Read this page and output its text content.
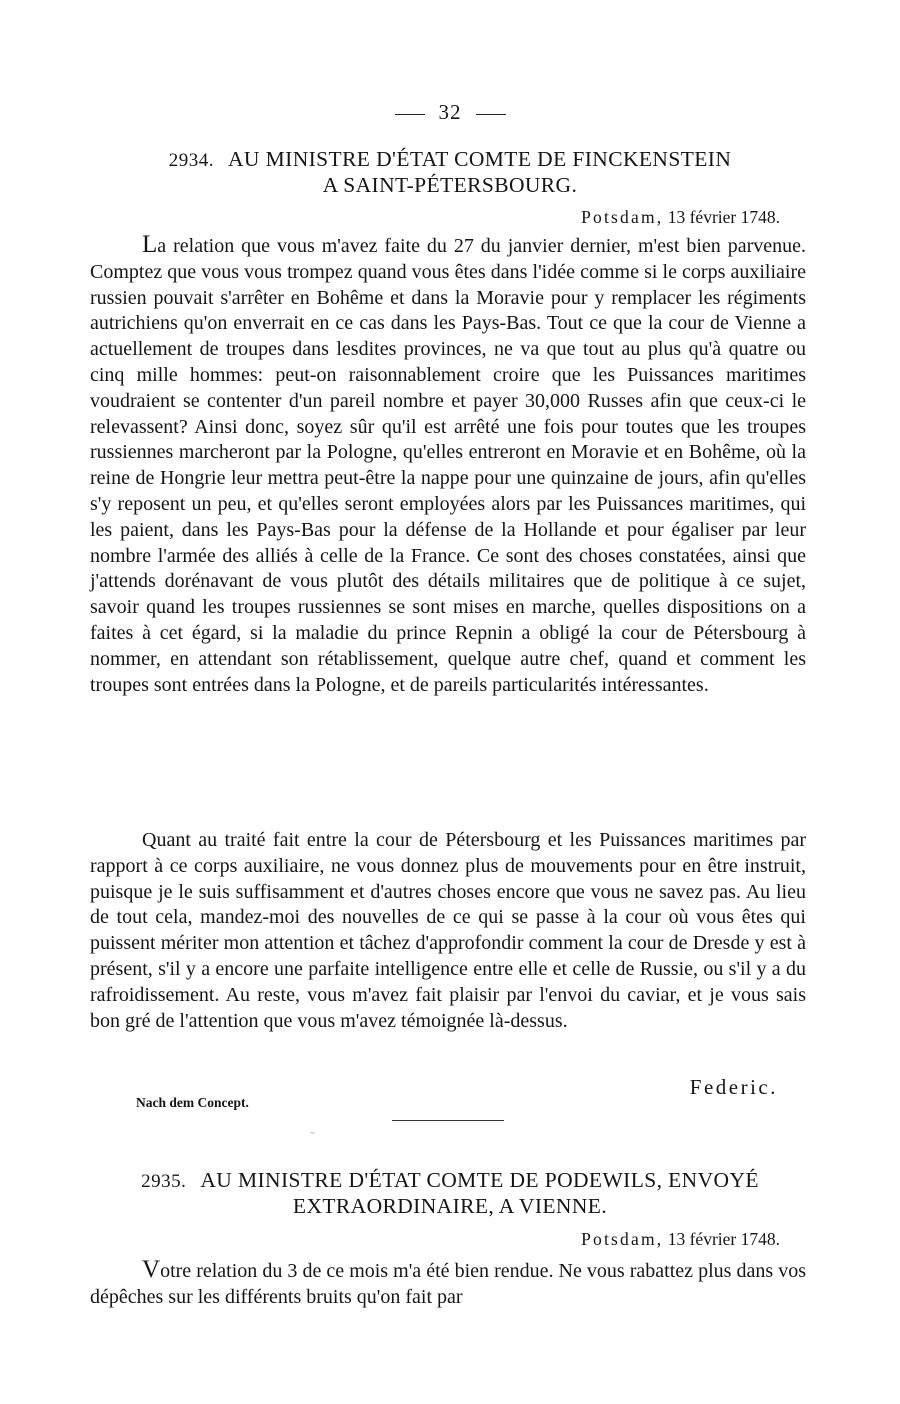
32
2934. AU MINISTRE D'ÉTAT COMTE DE FINCKENSTEIN
A SAINT-PÉTERSBOURG.
Potsdam, 13 février 1748.

La relation que vous m'avez faite du 27 du janvier dernier, m'est bien parvenue. Comptez que vous vous trompez quand vous êtes dans l'idée comme si le corps auxiliaire russien pouvait s'arrêter en Bohême et dans la Moravie pour y remplacer les régiments autrichiens qu'on enverrait en ce cas dans les Pays-Bas. Tout ce que la cour de Vienne a actuellement de troupes dans lesdites provinces, ne va que tout au plus qu'à quatre ou cinq mille hommes: peut-on raisonnablement croire que les Puissances maritimes voudraient se contenter d'un pareil nombre et payer 30,000 Russes afin que ceux-ci le relevassent? Ainsi donc, soyez sûr qu'il est arrêté une fois pour toutes que les troupes russiennes marcheront par la Pologne, qu'elles entreront en Moravie et en Bohême, où la reine de Hongrie leur mettra peut-être la nappe pour une quinzaine de jours, afin qu'elles s'y reposent un peu, et qu'elles seront employées alors par les Puissances maritimes, qui les paient, dans les Pays-Bas pour la défense de la Hollande et pour égaliser par leur nombre l'armée des alliés à celle de la France. Ce sont des choses constatées, ainsi que j'attends dorénavant de vous plutôt des détails militaires que de politique à ce sujet, savoir quand les troupes russiennes se sont mises en marche, quelles dispositions on a faites à cet égard, si la maladie du prince Repnin a obligé la cour de Pétersbourg à nommer, en attendant son rétablissement, quelque autre chef, quand et comment les troupes sont entrées dans la Pologne, et de pareils particularités intéressantes.

Quant au traité fait entre la cour de Pétersbourg et les Puissances maritimes par rapport à ce corps auxiliaire, ne vous donnez plus de mouvements pour en être instruit, puisque je le suis suffisamment et d'autres choses encore que vous ne savez pas. Au lieu de tout cela, mandez-moi des nouvelles de ce qui se passe à la cour où vous êtes qui puissent mériter mon attention et tâchez d'approfondir comment la cour de Dresde y est à présent, s'il y a encore une parfaite intelligence entre elle et celle de Russie, ou s'il y a du rafroidissement. Au reste, vous m'avez fait plaisir par l'envoi du caviar, et je vous sais bon gré de l'attention que vous m'avez témoignée là-dessus.

Federic.
Nach dem Concept.
~
2935. AU MINISTRE D'ÉTAT COMTE DE PODEWILS, ENVOYÉ
EXTRAORDINAIRE, A VIENNE.
Potsdam, 13 février 1748.

Votre relation du 3 de ce mois m'a été bien rendue. Ne vous rabattez plus dans vos dépêches sur les différents bruits qu'on fait par
